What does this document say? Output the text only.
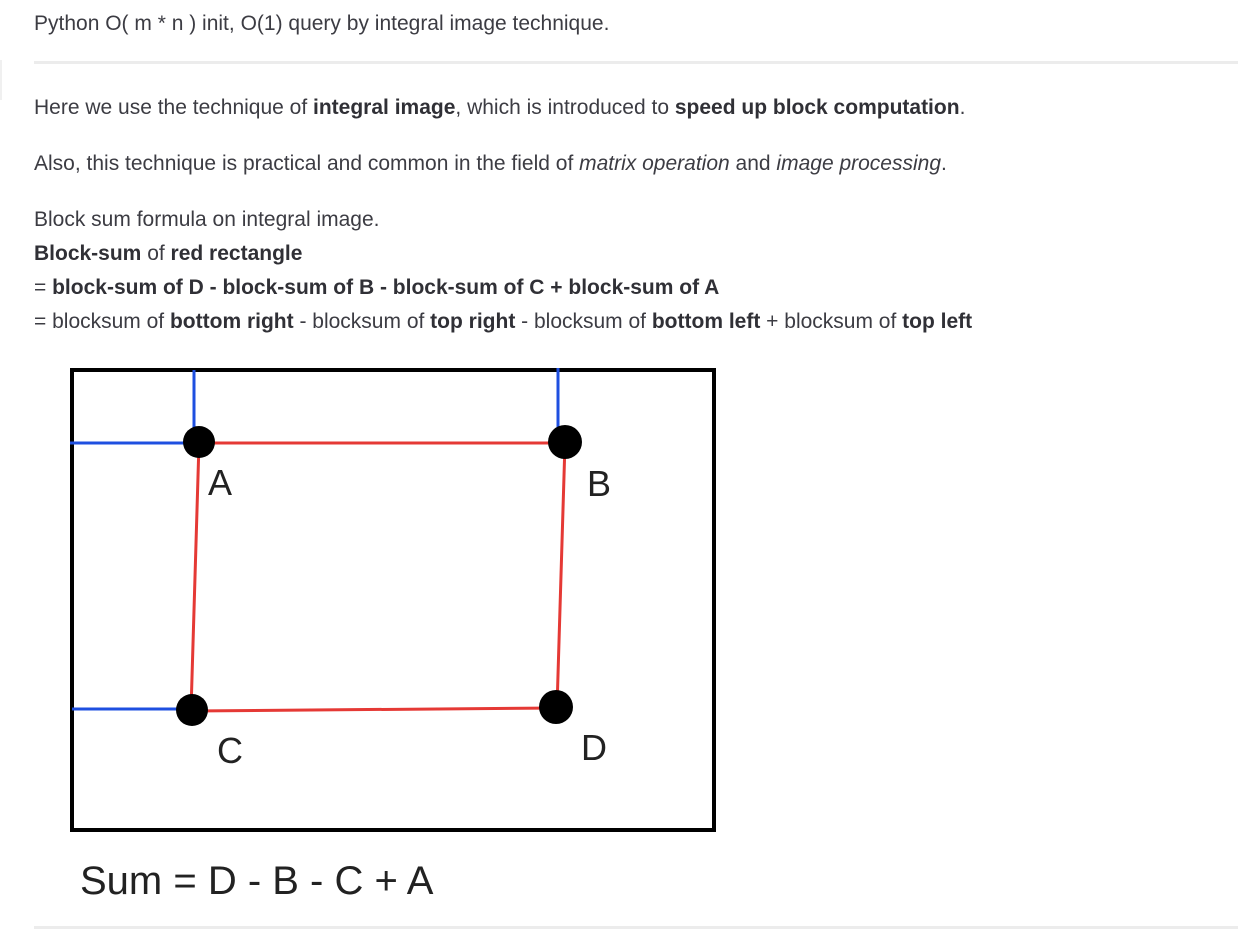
Python O( m * n ) init, O(1) query by integral image technique.
Here we use the technique of integral image, which is introduced to speed up block computation.
Also, this technique is practical and common in the field of matrix operation and image processing.
Block sum formula on integral image.
Block-sum of red rectangle
= block-sum of D - block-sum of B - block-sum of C + block-sum of A
= blocksum of bottom right - blocksum of top right - blocksum of bottom left + blocksum of top left
A	B
C	D
Sum = D - B - C + A
